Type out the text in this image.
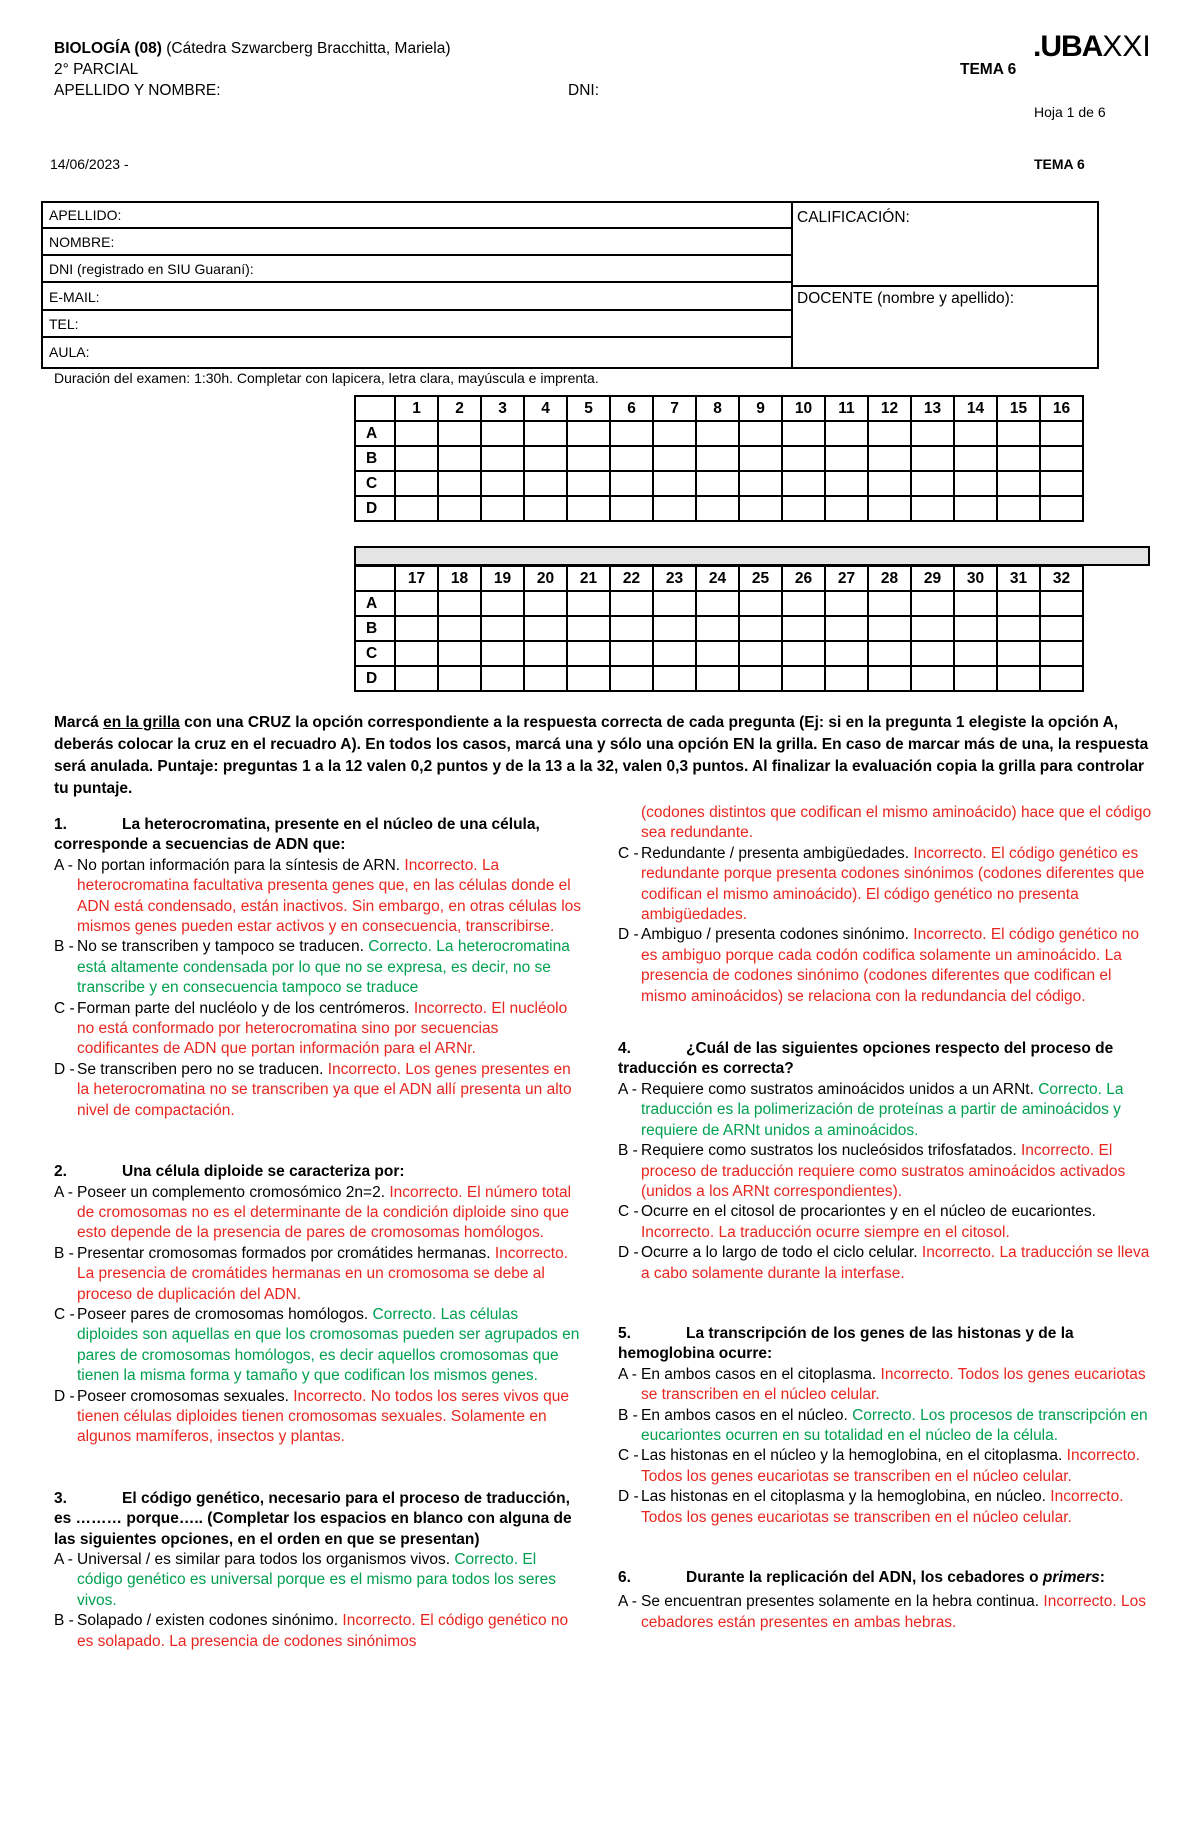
BIOLOGÍA (08) (Cátedra Szwarcberg Bracchitta, Mariela)
2° PARCIAL
APELLIDO Y NOMBRE:	DNI:
TEMA 6
Hoja 1 de 6
14/06/2023 -	TEMA 6
.UBAXXI
APELLIDO:
NOMBRE:
DNI (registrado en SIU Guaraní):
E-MAIL:
TEL:
AULA:
CALIFICACIÓN:
DOCENTE (nombre y apellido):
Duración del examen: 1:30h. Completar con lapicera, letra clara, mayúscula e imprenta.
	1	2	3	4	5	6	7	8	9	10	11	12	13	14	15	16
A																
B																
C																
D																
	17	18	19	20	21	22	23	24	25	26	27	28	29	30	31	32
A																
B																
C																
D																
Marcá en la grilla con una CRUZ la opción correspondiente a la respuesta correcta de cada pregunta (Ej: si en la pregunta 1 elegiste la opción A, deberás colocar la cruz en el recuadro A). En todos los casos, marcá una y sólo una opción EN la grilla. En caso de marcar más de una, la respuesta será anulada. Puntaje: preguntas 1 a la 12 valen 0,2 puntos y de la 13 a la 32, valen 0,3 puntos. Al finalizar la evaluación copia la grilla para controlar tu puntaje.
1.	La heterocromatina, presente en el núcleo de una célula, corresponde a secuencias de ADN que:
A - No portan información para la síntesis de ARN. Incorrecto. La heterocromatina facultativa presenta genes que, en las células donde el ADN está condensado, están inactivos. Sin embargo, en otras células los mismos genes pueden estar activos y en consecuencia, transcribirse.
B - No se transcriben y tampoco se traducen. Correcto. La heterocromatina está altamente condensada por lo que no se expresa, es decir, no se transcribe y en consecuencia tampoco se traduce
C - Forman parte del nucléolo y de los centrómeros. Incorrecto. El nucléolo no está conformado por heterocromatina sino por secuencias codificantes de ADN que portan información para el ARNr.
D - Se transcriben pero no se traducen. Incorrecto. Los genes presentes en la heterocromatina no se transcriben ya que el ADN allí presenta un alto nivel de compactación.
2.	Una célula diploide se caracteriza por:
A - Poseer un complemento cromosómico 2n=2. Incorrecto. El número total de cromosomas no es el determinante de la condición diploide sino que esto depende de la presencia de pares de cromosomas homólogos.
B - Presentar cromosomas formados por cromátides hermanas. Incorrecto. La presencia de cromátides hermanas en un cromosoma se debe al proceso de duplicación del ADN.
C - Poseer pares de cromosomas homólogos. Correcto. Las células diploides son aquellas en que los cromosomas pueden ser agrupados en pares de cromosomas homólogos, es decir aquellos cromosomas que tienen la misma forma y tamaño y que codifican los mismos genes.
D - Poseer cromosomas sexuales. Incorrecto. No todos los seres vivos que tienen células diploides tienen cromosomas sexuales. Solamente en algunos mamíferos, insectos y plantas.
3.	El código genético, necesario para el proceso de traducción, es ……… porque….. (Completar los espacios en blanco con alguna de las siguientes opciones, en el orden en que se presentan)
A - Universal / es similar para todos los organismos vivos. Correcto. El código genético es universal porque es el mismo para todos los seres vivos.
B - Solapado / existen codones sinónimo. Incorrecto. El código genético no es solapado. La presencia de codones sinónimos
(codones distintos que codifican el mismo aminoácido) hace que el código sea redundante.
C - Redundante / presenta ambigüedades. Incorrecto. El código genético es redundante porque presenta codones sinónimos (codones diferentes que codifican el mismo aminoácido). El código genético no presenta ambigüedades.
D - Ambiguo / presenta codones sinónimo. Incorrecto. El código genético no es ambiguo porque cada codón codifica solamente un aminoácido. La presencia de codones sinónimo (codones diferentes que codifican el mismo aminoácidos) se relaciona con la redundancia del código.
4.	¿Cuál de las siguientes opciones respecto del proceso de traducción es correcta?
A - Requiere como sustratos aminoácidos unidos a un ARNt. Correcto. La traducción es la polimerización de proteínas a partir de aminoácidos y requiere de ARNt unidos a aminoácidos.
B - Requiere como sustratos los nucleósidos trifosfatados. Incorrecto. El proceso de traducción requiere como sustratos aminoácidos activados (unidos a los ARNt correspondientes).
C - Ocurre en el citosol de procariontes y en el núcleo de eucariontes. Incorrecto. La traducción ocurre siempre en el citosol.
D - Ocurre a lo largo de todo el ciclo celular. Incorrecto. La traducción se lleva a cabo solamente durante la interfase.
5.	La transcripción de los genes de las histonas y de la hemoglobina ocurre:
A - En ambos casos en el citoplasma. Incorrecto. Todos los genes eucariotas se transcriben en el núcleo celular.
B - En ambos casos en el núcleo. Correcto. Los procesos de transcripción en eucariontes ocurren en su totalidad en el núcleo de la célula.
C - Las histonas en el núcleo y la hemoglobina, en el citoplasma. Incorrecto. Todos los genes eucariotas se transcriben en el núcleo celular.
D - Las histonas en el citoplasma y la hemoglobina, en núcleo. Incorrecto. Todos los genes eucariotas se transcriben en el núcleo celular.
6.	Durante la replicación del ADN, los cebadores o primers:
A - Se encuentran presentes solamente en la hebra continua. Incorrecto. Los cebadores están presentes en ambas hebras.
